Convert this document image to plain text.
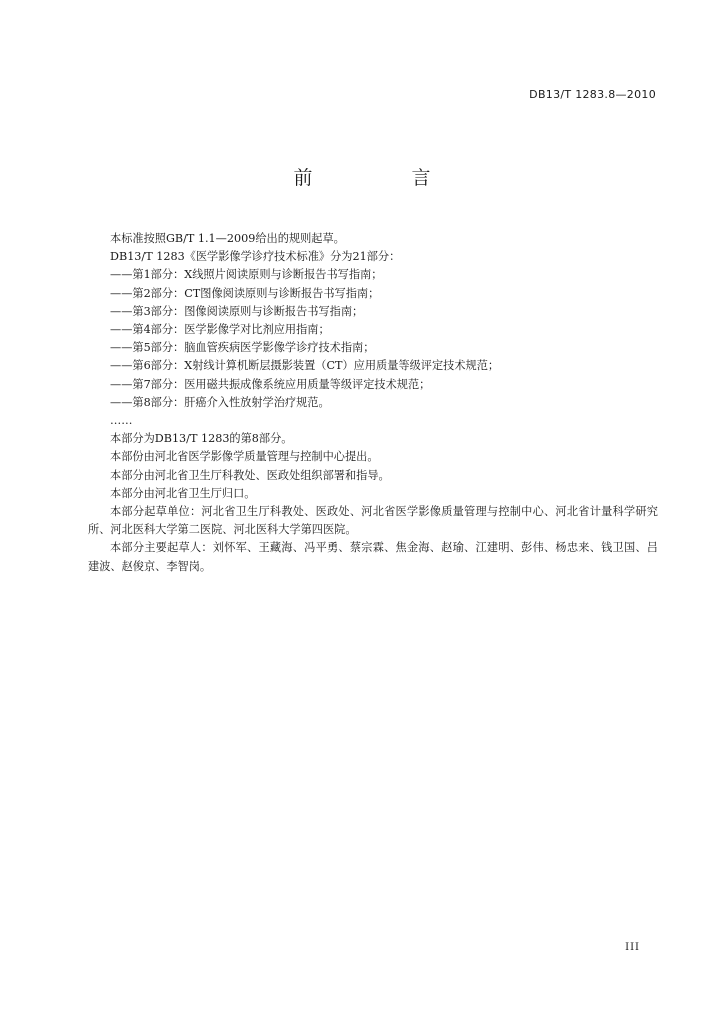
DB13/T 1283.8—2010
前　言

本标准按照GB/T 1.1—2009给出的规则起草。

DB13/T 1283《医学影像学诊疗技术标准》分为21部分：

——第1部分：X线照片阅读原则与诊断报告书写指南；

——第2部分：CT图像阅读原则与诊断报告书写指南；

——第3部分：图像阅读原则与诊断报告书写指南；

——第4部分：医学影像学对比剂应用指南；

——第5部分：脑血管疾病医学影像学诊疗技术指南；

——第6部分：X射线计算机断层摄影装置（CT）应用质量等级评定技术规范；

——第7部分：医用磁共振成像系统应用质量等级评定技术规范；

——第8部分：肝癌介入性放射学治疗规范。

……

本部分为DB13/T 1283的第8部分。

本部份由河北省医学影像学质量管理与控制中心提出。

本部分由河北省卫生厅科教处、医政处组织部署和指导。

本部分由河北省卫生厅归口。

本部分起草单位：河北省卫生厅科教处、医政处、河北省医学影像质量管理与控制中心、河北省计量科学研究所、河北医科大学第二医院、河北医科大学第四医院。

本部分主要起草人：刘怀军、王藏海、冯平勇、蔡宗霖、焦金海、赵瑜、江建明、彭伟、杨忠来、钱卫国、吕建波、赵俊京、李智岗。

III
